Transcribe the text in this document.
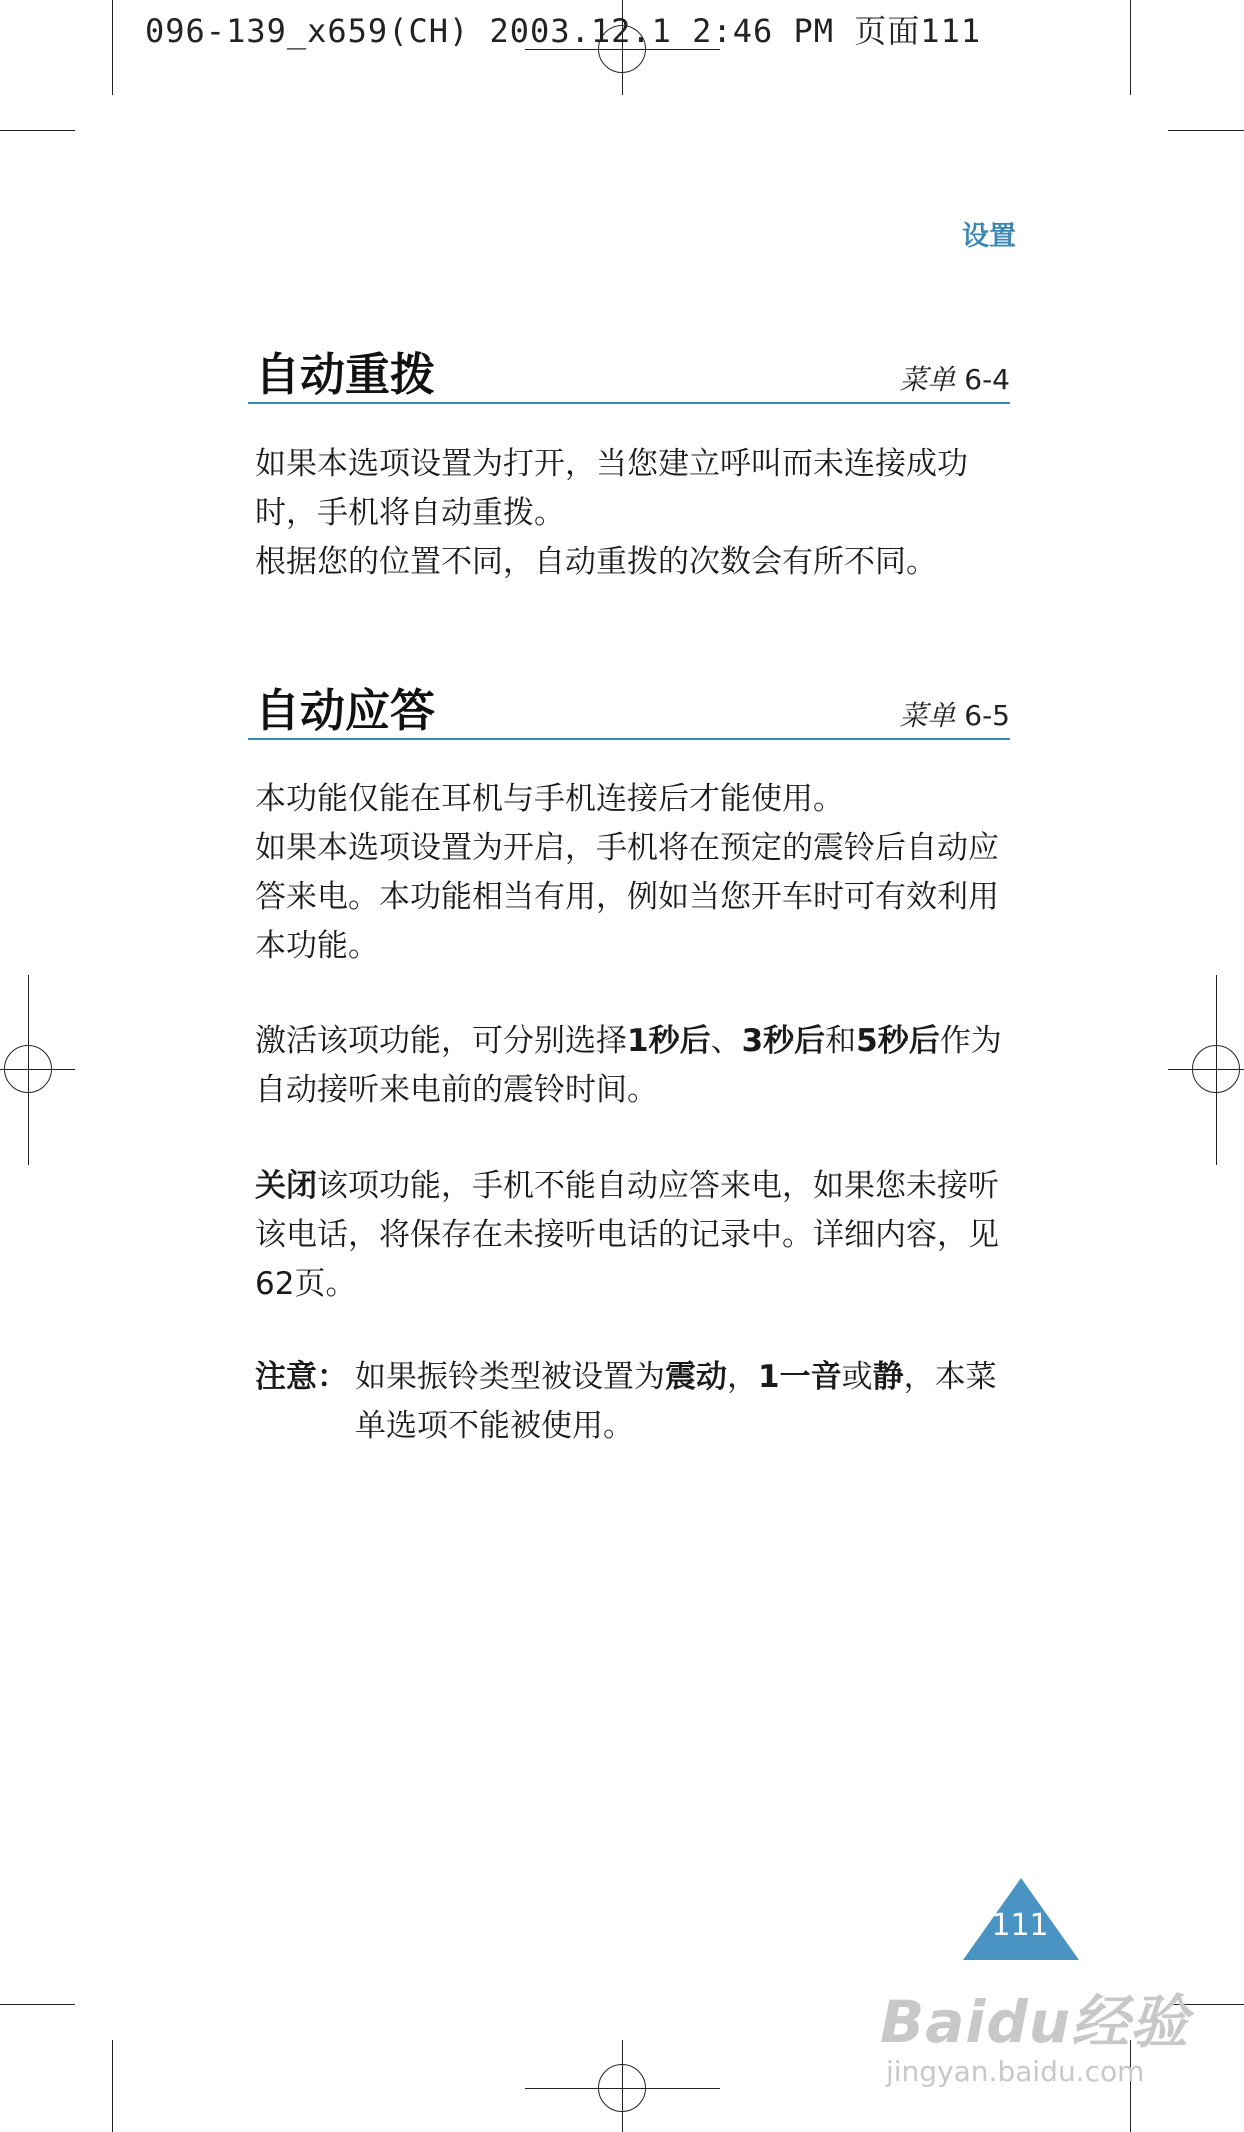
096-139_x659(CH) 2003.12.1 2:46 PM 页面111
设置
自动重拨	菜单 6-4

如果本选项设置为打开，当您建立呼叫而未连接成功时，手机将自动重拨。

根据您的位置不同，自动重拨的次数会有所不同。

自动应答	菜单 6-5

本功能仅能在耳机与手机连接后才能使用。

如果本选项设置为开启，手机将在预定的震铃后自动应答来电。本功能相当有用，例如当您开车时可有效利用本功能。

激活该项功能，可分别选择1秒后、3秒后和5秒后作为自动接听来电前的震铃时间。

关闭该项功能，手机不能自动应答来电，如果您未接听该电话，将保存在未接听电话的记录中。详细内容，见62页。

注意： 如果振铃类型被设置为震动，1一音或静，本菜单选项不能被使用。
111
Baidu经验
jingyan.baidu.com
